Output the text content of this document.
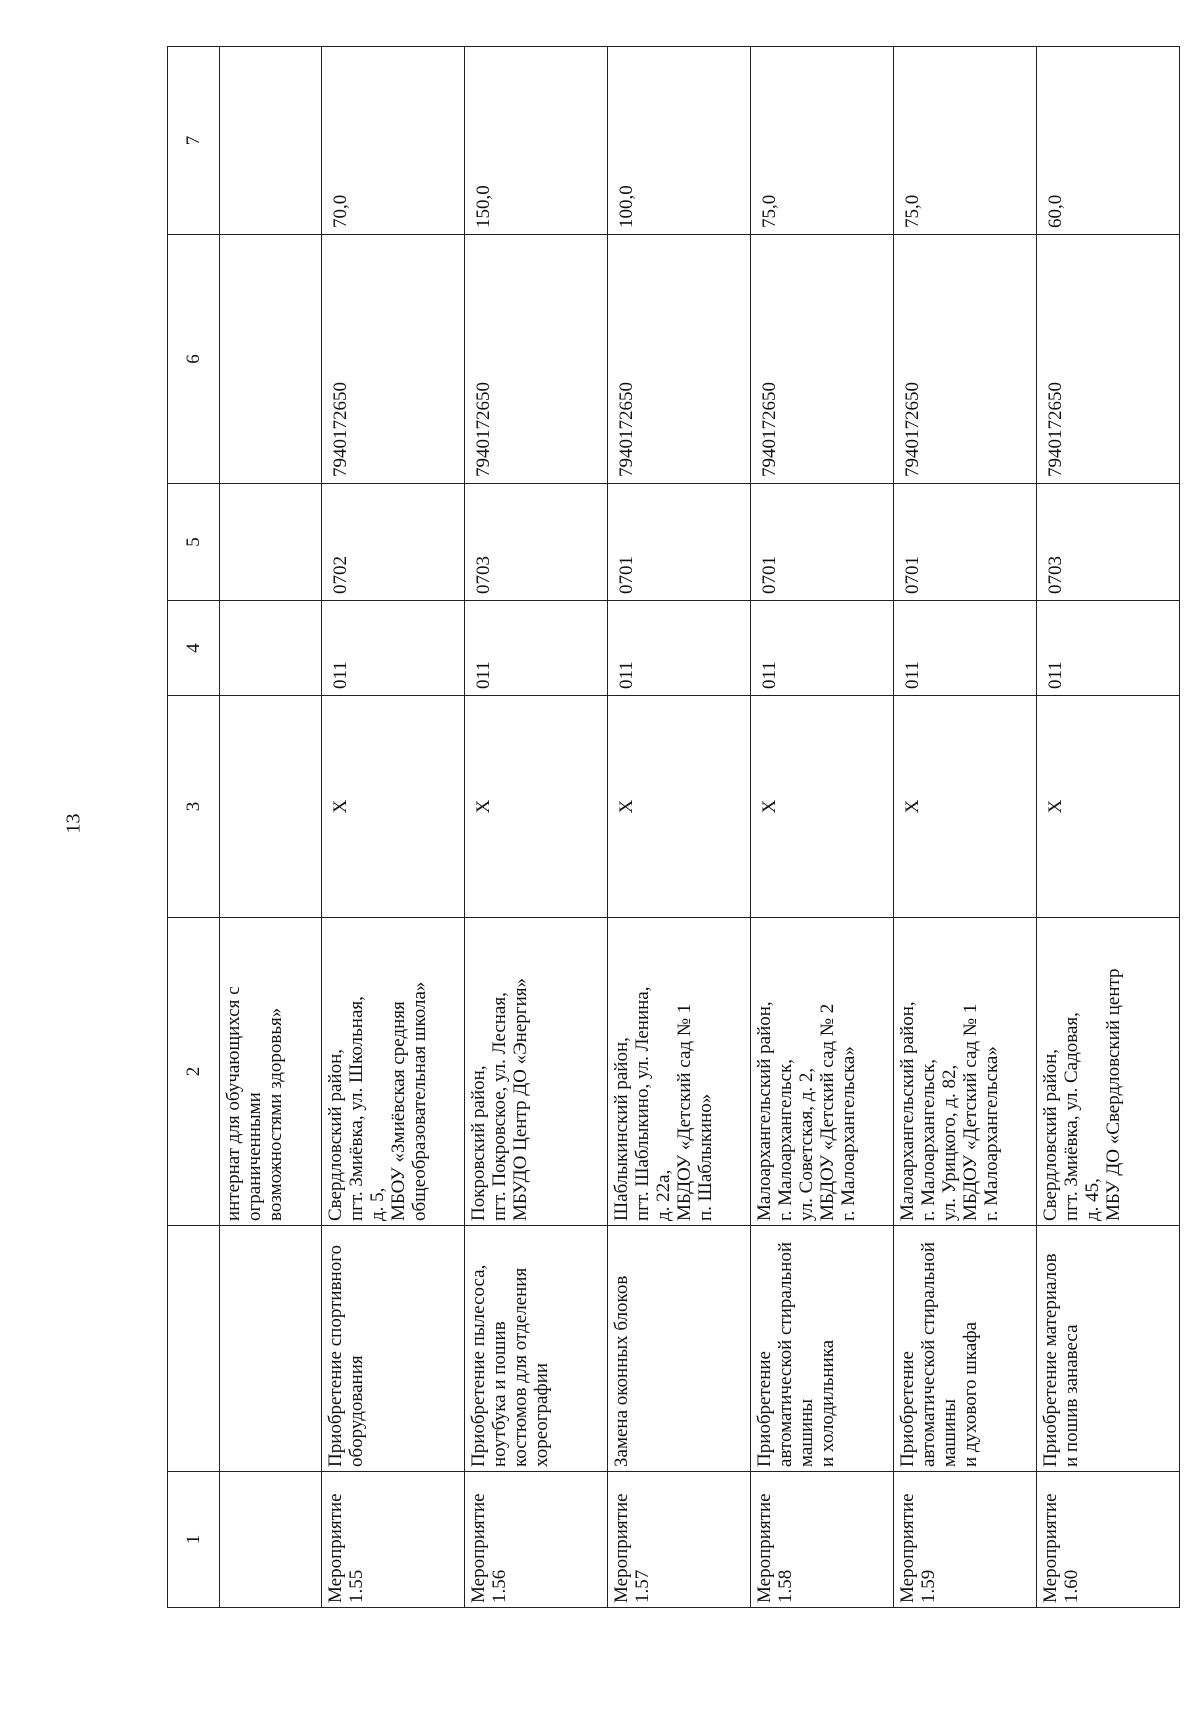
13
1		2	3	4	5	6	7
		интернат для обучающихся с
ограниченными
возможностями здоровья»					
Мероприятие
1.55	Приобретение спортивного
оборудования	Свердловский район,
пгт. Змиёвка, ул. Школьная,
д. 5,
МБОУ «Змиёвская средняя
общеобразовательная школа»	Х	011	0702	7940172650	70,0
Мероприятие
1.56	Приобретение пылесоса,
ноутбука и пошив
костюмов для отделения
хореографии	Покровский район,
пгт. Покровское, ул. Лесная,
МБУДО Центр ДО «Энергия»	Х	011	0703	7940172650	150,0
Мероприятие
1.57	Замена оконных блоков	Шаблыкинский район,
пгт. Шаблыкино, ул. Ленина,
д. 22а,
МБДОУ «Детский сад № 1
п. Шаблыкино»	Х	011	0701	7940172650	100,0
Мероприятие
1.58	Приобретение
автоматической стиральной
машины
и холодильника	Малоархангельский район,
г. Малоархангельск,
ул. Советская, д. 2,
МБДОУ «Детский сад № 2
г. Малоархангельска»	Х	011	0701	7940172650	75,0
Мероприятие
1.59	Приобретение
автоматической стиральной
машины
и духового шкафа	Малоархангельский район,
г. Малоархангельск,
ул. Урицкого, д. 82,
МБДОУ «Детский сад № 1
г. Малоархангельска»	Х	011	0701	7940172650	75,0
Мероприятие
1.60	Приобретение материалов
и пошив занавеса	Свердловский район,
пгт. Змиёвка, ул. Садовая,
д. 45,
МБУ ДО «Свердловский центр	Х	011	0703	7940172650	60,0
